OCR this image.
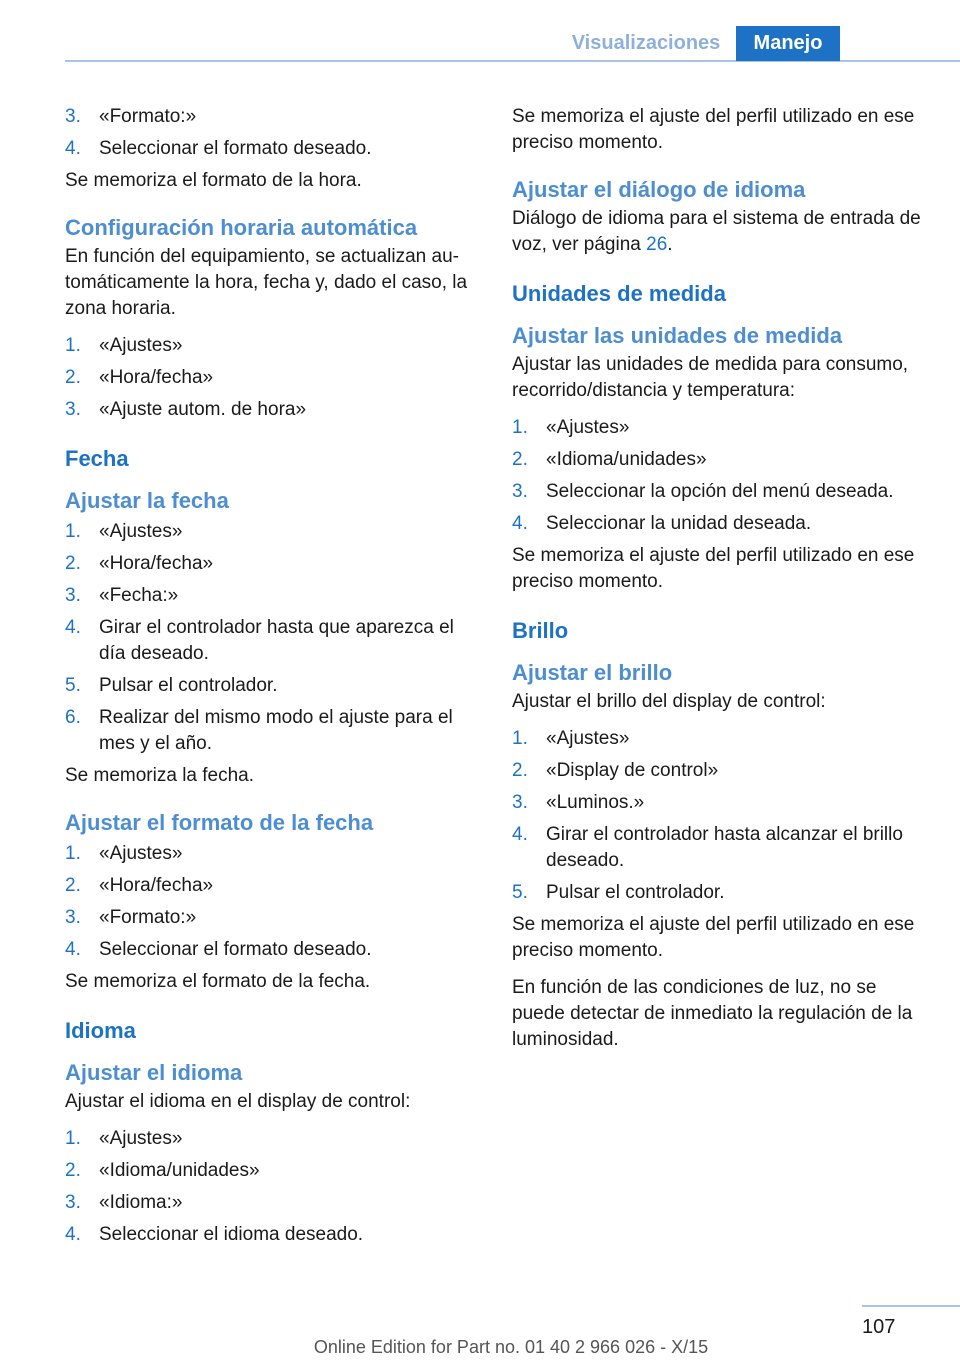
Visualizaciones	Manejo
3. «Formato:»
4. Seleccionar el formato deseado.

Se memoriza el formato de la hora.

Configuración horaria automática

En función del equipamiento, se actualizan automáticamente la hora, fecha y, dado el caso, la zona horaria.

1. «Ajustes»
2. «Hora/fecha»
3. «Ajuste autom. de hora»
Fecha
Ajustar la fecha
1. «Ajustes»
2. «Hora/fecha»
3. «Fecha:»
4. Girar el controlador hasta que aparezca el día deseado.
5. Pulsar el controlador.
6. Realizar del mismo modo el ajuste para el mes y el año.

Se memoriza la fecha.

Ajustar el formato de la fecha
1. «Ajustes»
2. «Hora/fecha»
3. «Formato:»
4. Seleccionar el formato deseado.

Se memoriza el formato de la fecha.

Idioma
Ajustar el idioma

Ajustar el idioma en el display de control:

1. «Ajustes»
2. «Idioma/unidades»
3. «Idioma:»
4. Seleccionar el idioma deseado.

Se memoriza el ajuste del perfil utilizado en ese preciso momento.

Ajustar el diálogo de idioma

Diálogo de idioma para el sistema de entrada de voz, ver página 26.

Unidades de medida
Ajustar las unidades de medida

Ajustar las unidades de medida para consumo, recorrido/distancia y temperatura:

1. «Ajustes»
2. «Idioma/unidades»
3. Seleccionar la opción del menú deseada.
4. Seleccionar la unidad deseada.

Se memoriza el ajuste del perfil utilizado en ese preciso momento.

Brillo
Ajustar el brillo

Ajustar el brillo del display de control:

1. «Ajustes»
2. «Display de control»
3. «Luminos.»
4. Girar el controlador hasta alcanzar el brillo deseado.
5. Pulsar el controlador.

Se memoriza el ajuste del perfil utilizado en ese preciso momento.

En función de las condiciones de luz, no se puede detectar de inmediato la regulación de la luminosidad.

107
Online Edition for Part no. 01 40 2 966 026 - X/15
